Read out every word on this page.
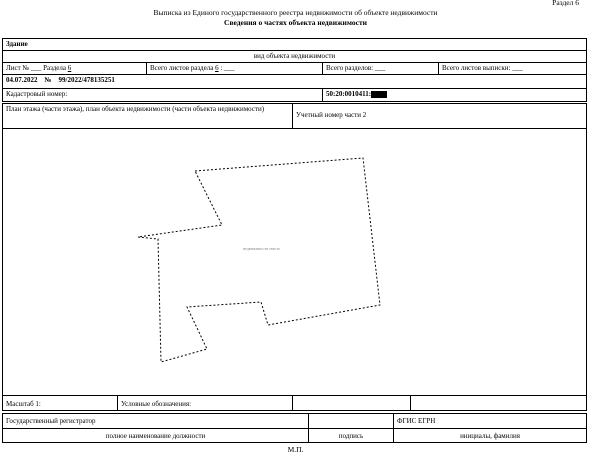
Раздел 6
Выписка из Единого государственного реестра недвижимости об объекте недвижимости
Сведения о частях объекта недвижимости
Здание
вид объекта недвижимости
Лист № ___ Раздела 6	Всего листов раздела 6 : ___	Всего разделов: ___	Всего листов выписки: ___
04.07.2022    №    99/2022/478135251
Кадастровый номер:	50:20:0010411:
План этажа (части этажа), план объекта недвижимости (части объекта недвижимости)
Учетный номер части 2
недвижимости тексто
Масштаб 1:	Условные обозначения:
Государственный регистратор	ФГИС ЕГРН
полное наименование должности	подпись	инициалы, фамилия
М.П.
